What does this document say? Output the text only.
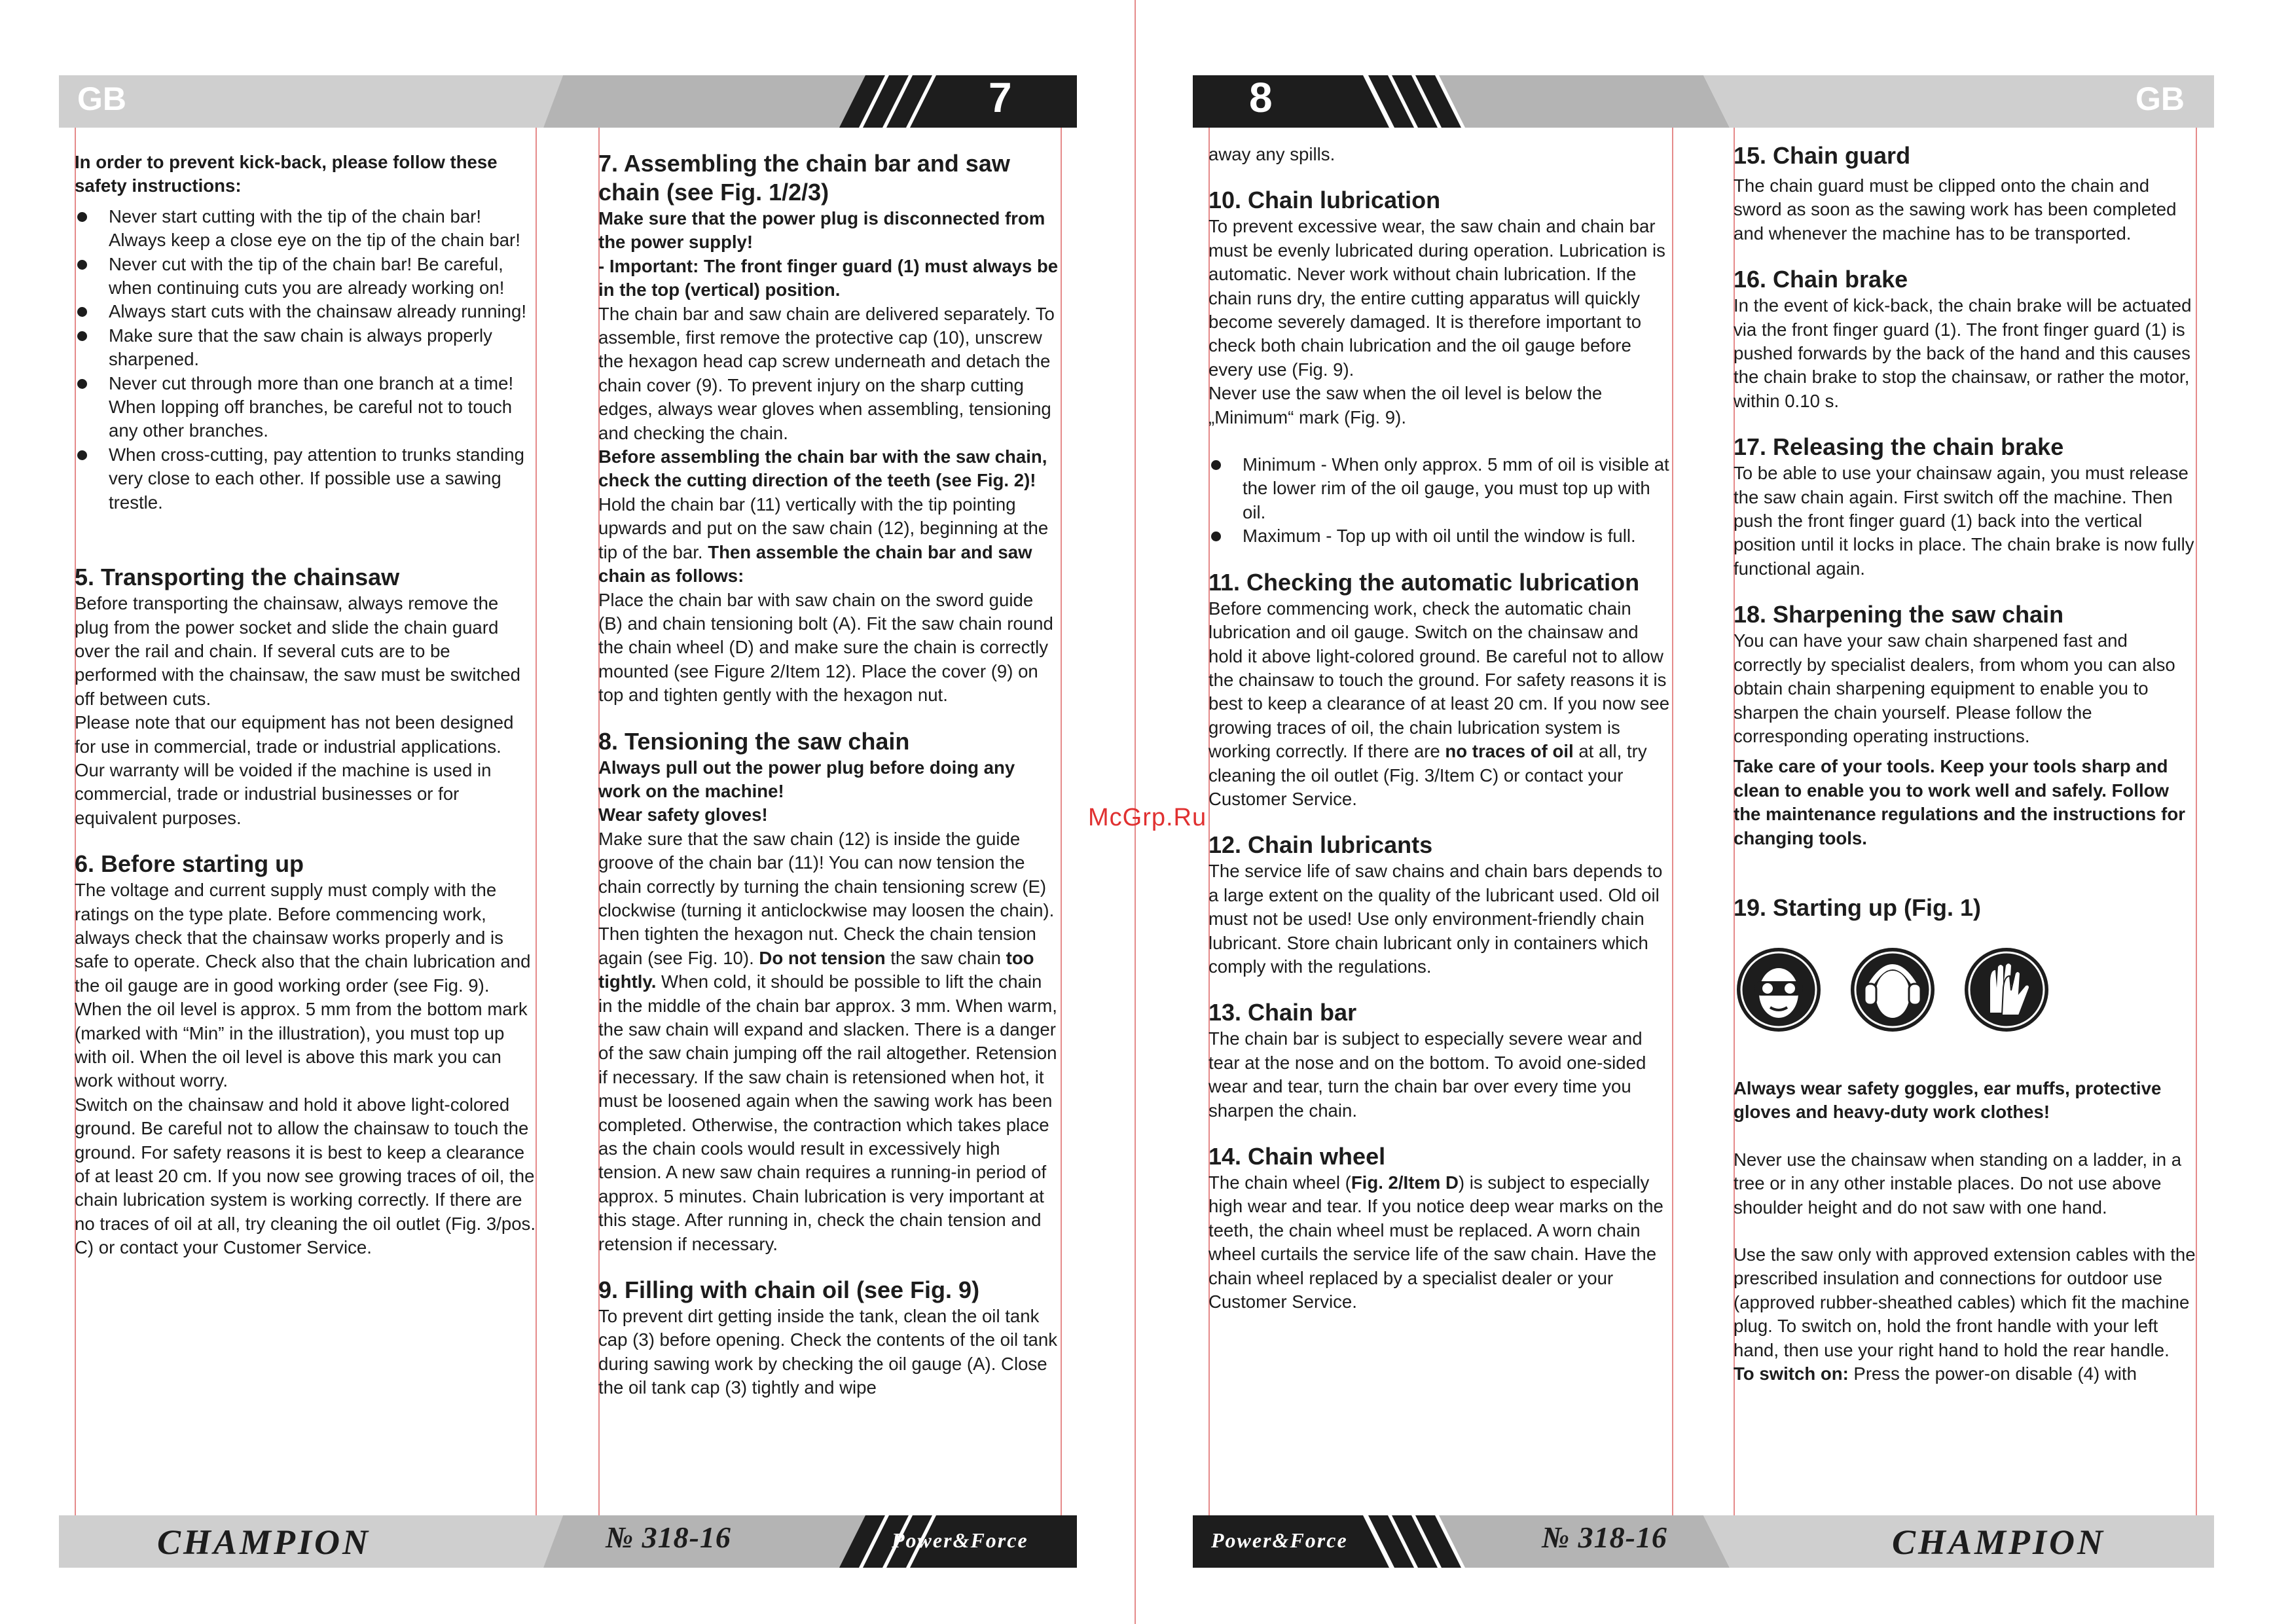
GB	7	8	GB
CHAMPION	№ 318-16	Power&Force	Power&Force	№ 318-16	CHAMPION
McGrp.Ru

In order to prevent kick-back, please follow these safety instructions:

Never start cutting with the tip of the chain bar! Always keep a close eye on the tip of the chain bar!
Never cut with the tip of the chain bar! Be careful, when continuing cuts you are already working on!
Always start cuts with the chainsaw already running!
Make sure that the saw chain is always properly sharpened.
Never cut through more than one branch at a time! When lopping off branches, be careful not to touch any other branches.
When cross-cutting, pay attention to trunks standing very close to each other. If possible use a sawing trestle.
5. Transporting the chainsaw

Before transporting the chainsaw, always remove the plug from the power socket and slide the chain guard over the rail and chain. If several cuts are to be performed with the chainsaw, the saw must be switched off between cuts.

Please note that our equipment has not been designed for use in commercial, trade or industrial applications. Our warranty will be voided if the machine is used in commercial, trade or industrial businesses or for equivalent purposes.

6. Before starting up

The voltage and current supply must comply with the ratings on the type plate. Before commencing work, always check that the chainsaw works properly and is safe to operate. Check also that the chain lubrication and the oil gauge are in good working order (see Fig. 9). When the oil level is approx. 5 mm from the bottom mark (marked with “Min” in the illustration), you must top up with oil. When the oil level is above this mark you can work without worry.

Switch on the chainsaw and hold it above light-colored ground. Be careful not to allow the chainsaw to touch the ground. For safety reasons it is best to keep a clearance of at least 20 cm. If you now see growing traces of oil, the chain lubrication system is working correctly. If there are no traces of oil at all, try cleaning the oil outlet (Fig. 3/pos. C) or contact your Customer Service.

7. Assembling the chain bar and saw chain (see Fig. 1/2/3)

Make sure that the power plug is disconnected from the power supply!

- Important: The front finger guard (1) must always be in the top (vertical) position.

The chain bar and saw chain are delivered separately. To assemble, first remove the protective cap (10), unscrew the hexagon head cap screw underneath and detach the chain cover (9). To prevent injury on the sharp cutting edges, always wear gloves when assembling, tensioning and checking the chain.

Before assembling the chain bar with the saw chain, check the cutting direction of the teeth (see Fig. 2)! Hold the chain bar (11) vertically with the tip pointing upwards and put on the saw chain (12), beginning at the tip of the bar. Then assemble the chain bar and saw chain as follows:

Place the chain bar with saw chain on the sword guide (B) and chain tensioning bolt (A). Fit the saw chain round the chain wheel (D) and make sure the chain is correctly mounted (see Figure 2/Item 12). Place the cover (9) on top and tighten gently with the hexagon nut.

8. Tensioning the saw chain

Always pull out the power plug before doing any work on the machine!

Wear safety gloves!

Make sure that the saw chain (12) is inside the guide groove of the chain bar (11)! You can now tension the chain correctly by turning the chain tensioning screw (E) clockwise (turning it anticlockwise may loosen the chain). Then tighten the hexagon nut. Check the chain tension again (see Fig. 10). Do not tension the saw chain too tightly. When cold, it should be possible to lift the chain in the middle of the chain bar approx. 3 mm. When warm, the saw chain will expand and slacken. There is a danger of the saw chain jumping off the rail altogether. Retension if necessary. If the saw chain is retensioned when hot, it must be loosened again when the sawing work has been completed. Otherwise, the contraction which takes place as the chain cools would result in excessively high tension. A new saw chain requires a running-in period of approx. 5 minutes. Chain lubrication is very important at this stage. After running in, check the chain tension and retension if necessary.

9. Filling with chain oil (see Fig. 9)

To prevent dirt getting inside the tank, clean the oil tank cap (3) before opening. Check the contents of the oil tank during sawing work by checking the oil gauge (A). Close the oil tank cap (3) tightly and wipe

away any spills.

10. Chain lubrication

To prevent excessive wear, the saw chain and chain bar must be evenly lubricated during operation. Lubrication is automatic. Never work without chain lubrication. If the chain runs dry, the entire cutting apparatus will quickly become severely damaged. It is therefore important to check both chain lubrication and the oil gauge before every use (Fig. 9).

Never use the saw when the oil level is below the „Minimum“ mark (Fig. 9).

Minimum - When only approx. 5 mm of oil is visible at the lower rim of the oil gauge, you must top up with oil.
Maximum - Top up with oil until the window is full.
11. Checking the automatic lubrication

Before commencing work, check the automatic chain lubrication and oil gauge. Switch on the chainsaw and hold it above light-colored ground. Be careful not to allow the chainsaw to touch the ground. For safety reasons it is best to keep a clearance of at least 20 cm. If you now see growing traces of oil, the chain lubrication system is working correctly. If there are no traces of oil at all, try cleaning the oil outlet (Fig. 3/Item C) or contact your Customer Service.

12. Chain lubricants

The service life of saw chains and chain bars depends to a large extent on the quality of the lubricant used. Old oil must not be used! Use only environment-friendly chain lubricant. Store chain lubricant only in containers which comply with the regulations.

13. Chain bar

The chain bar is subject to especially severe wear and tear at the nose and on the bottom. To avoid one-sided wear and tear, turn the chain bar over every time you sharpen the chain.

14. Chain wheel

The chain wheel (Fig. 2/Item D) is subject to especially high wear and tear. If you notice deep wear marks on the teeth, the chain wheel must be replaced. A worn chain wheel curtails the service life of the saw chain. Have the chain wheel replaced by a specialist dealer or your Customer Service.

15. Chain guard

The chain guard must be clipped onto the chain and sword as soon as the sawing work has been completed and whenever the machine has to be transported.

16. Chain brake

In the event of kick-back, the chain brake will be actuated via the front finger guard (1). The front finger guard (1) is pushed forwards by the back of the hand and this causes the chain brake to stop the chainsaw, or rather the motor, within 0.10 s.

17. Releasing the chain brake

To be able to use your chainsaw again, you must release the saw chain again. First switch off the machine. Then push the front finger guard (1) back into the vertical position until it locks in place. The chain brake is now fully functional again.

18. Sharpening the saw chain

You can have your saw chain sharpened fast and correctly by specialist dealers, from whom you can also obtain chain sharpening equipment to enable you to sharpen the chain yourself. Please follow the corresponding operating instructions.

Take care of your tools. Keep your tools sharp and clean to enable you to work well and safely. Follow the maintenance regulations and the instructions for changing tools.

19. Starting up (Fig. 1)

Always wear safety goggles, ear muffs, protective gloves and heavy-duty work clothes!

Never use the chainsaw when standing on a ladder, in a tree or in any other instable places. Do not use above shoulder height and do not saw with one hand.

Use the saw only with approved extension cables with the prescribed insulation and connections for outdoor use (approved rubber-sheathed cables) which fit the machine plug. To switch on, hold the front handle with your left hand, then use your right hand to hold the rear handle.

To switch on: Press the power-on disable (4) with
